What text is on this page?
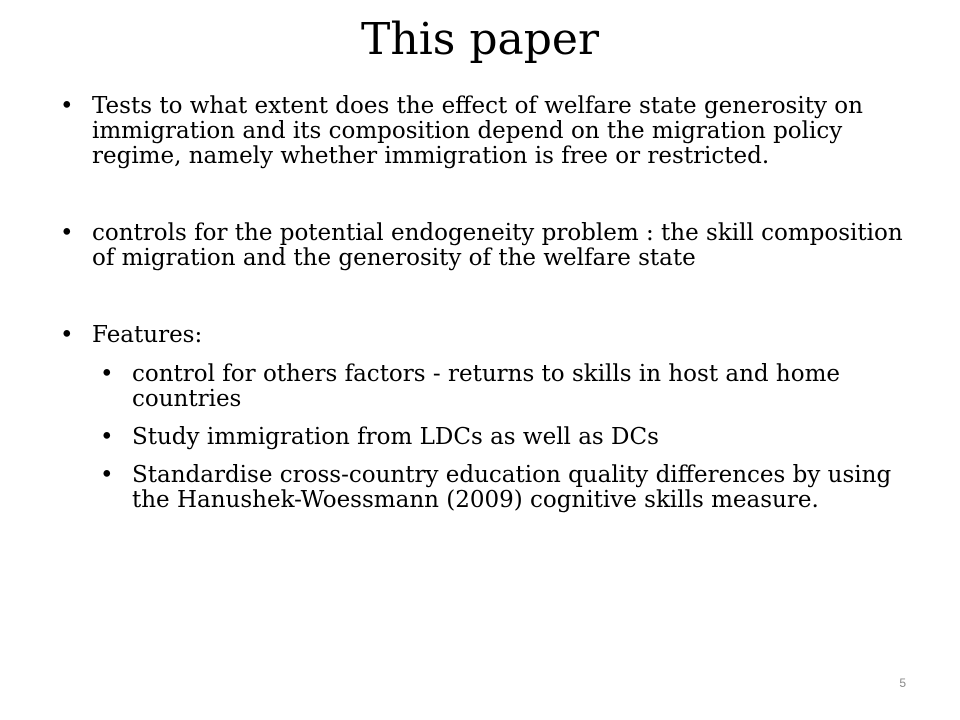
This paper
• Tests to what extent does the effect of welfare state generosity on immigration and its composition depend on the migration policy regime, namely whether immigration is free or restricted.
• controls for the potential endogeneity problem : the skill composition of migration and the generosity of the welfare state
• Features:
• control for others factors - returns to skills in host and home countries
• Study immigration from LDCs as well as DCs
• Standardise cross-country education quality differences by using the Hanushek-Woessmann (2009) cognitive skills measure.
5
